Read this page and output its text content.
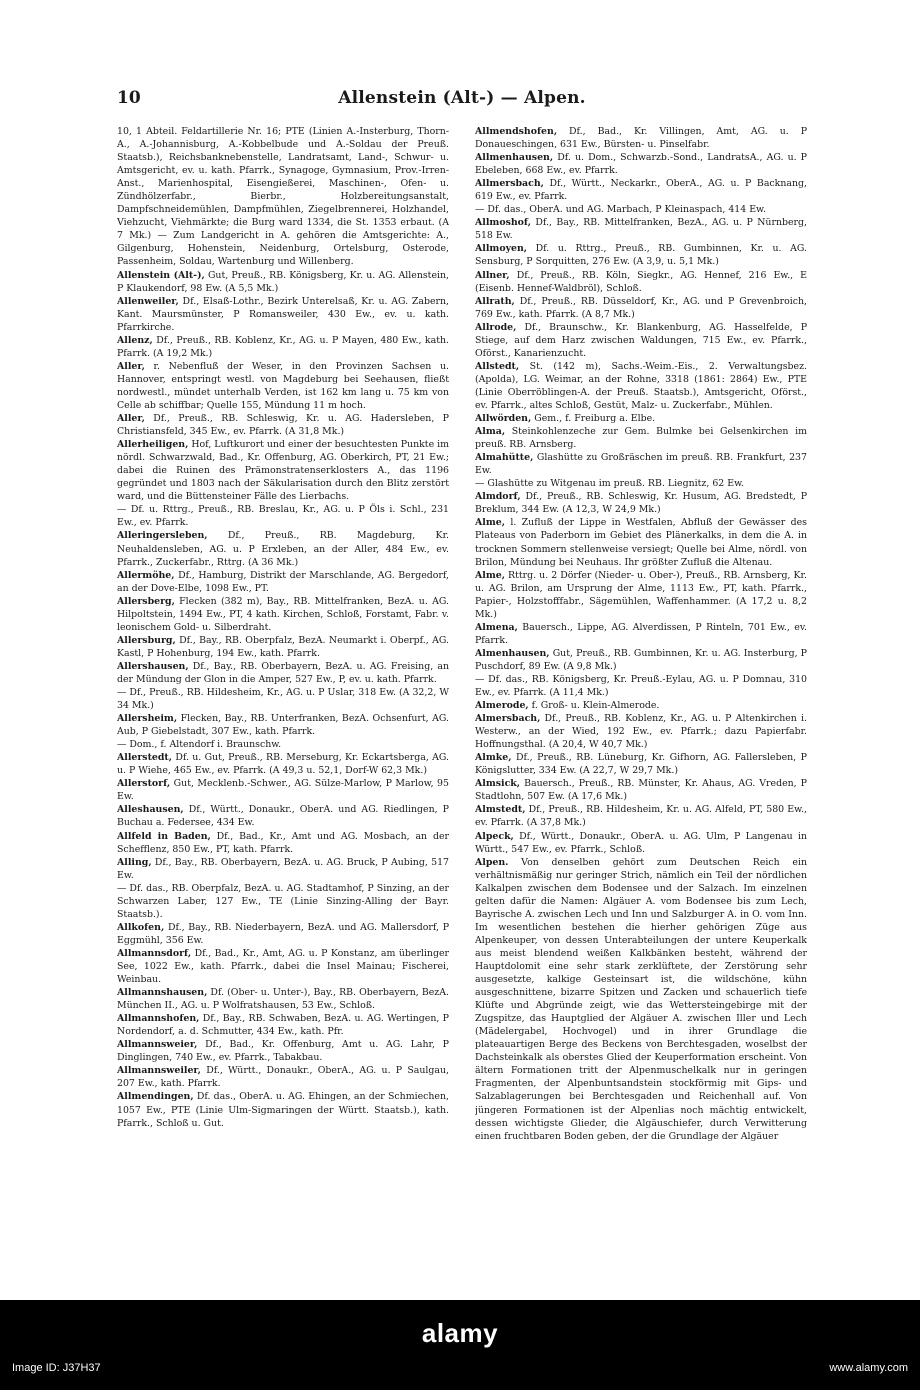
10	Allenstein (Alt-) — Alpen.

10, 1 Abteil. Feldartillerie Nr. 16; PTE (Linien A.-Insterburg, Thorn-A., A.-Johannisburg, A.-Kobbelbude und A.-Soldau der Preuß. Staatsb.), Reichsbanknebenstelle, Landratsamt, Land-, Schwur- u. Amtsgericht, ev. u. kath. Pfarrk., Synagoge, Gymnasium, Prov.-Irren-Anst., Marienhospital, Eisengießerei, Maschinen-, Ofen- u. Zündhölzerfabr., Bierbr., Holzbereitungsanstalt, Dampfschneidemühlen, Dampfmühlen, Ziegelbrennerei, Holzhandel, Viehzucht, Viehmärkte; die Burg ward 1334, die St. 1353 erbaut. (A 7 Mk.) — Zum Landgericht in A. gehören die Amtsgerichte: A., Gilgenburg, Hohenstein, Neidenburg, Ortelsburg, Osterode, Passenheim, Soldau, Wartenburg und Willenberg.

Allenstein (Alt-), Gut, Preuß., RB. Königsberg, Kr. u. AG. Allenstein, P Klaukendorf, 98 Ew. (A 5,5 Mk.)

Allenweiler, Df., Elsaß-Lothr., Bezirk Unterelsaß, Kr. u. AG. Zabern, Kant. Maursmünster, P Romansweiler, 430 Ew., ev. u. kath. Pfarrkirche.

Allenz, Df., Preuß., RB. Koblenz, Kr., AG. u. P Mayen, 480 Ew., kath. Pfarrk. (A 19,2 Mk.)

Aller, r. Nebenfluß der Weser, in den Provinzen Sachsen u. Hannover, entspringt westl. von Magdeburg bei Seehausen, fließt nordwestl., mündet unterhalb Verden, ist 162 km lang u. 75 km von Celle ab schiffbar; Quelle 155, Mündung 11 m hoch.

Aller, Df., Preuß., RB. Schleswig, Kr. u. AG. Hadersleben, P Christiansfeld, 345 Ew., ev. Pfarrk. (A 31,8 Mk.)

Allerheiligen, Hof, Luftkurort und einer der besuchtesten Punkte im nördl. Schwarzwald, Bad., Kr. Offenburg, AG. Oberkirch, PT, 21 Ew.; dabei die Ruinen des Prämonstratenserklosters A., das 1196 gegründet und 1803 nach der Säkularisation durch den Blitz zerstört ward, und die Büttensteiner Fälle des Lierbachs.

— Df. u. Rttrg., Preuß., RB. Breslau, Kr., AG. u. P Öls i. Schl., 231 Ew., ev. Pfarrk.

Alleringersleben, Df., Preuß., RB. Magdeburg, Kr. Neuhaldensleben, AG. u. P Erxleben, an der Aller, 484 Ew., ev. Pfarrk., Zuckerfabr., Rttrg. (A 36 Mk.)

Allermöhe, Df., Hamburg, Distrikt der Marschlande, AG. Bergedorf, an der Dove-Elbe, 1098 Ew., PT.

Allersberg, Flecken (382 m), Bay., RB. Mittelfranken, BezA. u. AG. Hilpoltstein, 1494 Ew., PT, 4 kath. Kirchen, Schloß, Forstamt, Fabr. v. leonischem Gold- u. Silberdraht.

Allersburg, Df., Bay., RB. Oberpfalz, BezA. Neumarkt i. Oberpf., AG. Kastl, P Hohenburg, 194 Ew., kath. Pfarrk.

Allershausen, Df., Bay., RB. Oberbayern, BezA. u. AG. Freising, an der Mündung der Glon in die Amper, 527 Ew., P, ev. u. kath. Pfarrk.

— Df., Preuß., RB. Hildesheim, Kr., AG. u. P Uslar, 318 Ew. (A 32,2, W 34 Mk.)

Allersheim, Flecken, Bay., RB. Unterfranken, BezA. Ochsenfurt, AG. Aub, P Giebelstadt, 307 Ew., kath. Pfarrk.

— Dom., f. Altendorf i. Braunschw.

Allerstedt, Df. u. Gut, Preuß., RB. Merseburg, Kr. Eckartsberga, AG. u. P Wiehe, 465 Ew., ev. Pfarrk. (A 49,3 u. 52,1, Dorf-W 62,3 Mk.)

Allerstorf, Gut, Mecklenb.-Schwer., AG. Sülze-Marlow, P Marlow, 95 Ew.

Alleshausen, Df., Württ., Donaukr., OberA. und AG. Riedlingen, P Buchau a. Federsee, 434 Ew.

Allfeld in Baden, Df., Bad., Kr., Amt und AG. Mosbach, an der Schefflenz, 850 Ew., PT, kath. Pfarrk.

Alling, Df., Bay., RB. Oberbayern, BezA. u. AG. Bruck, P Aubing, 517 Ew.

— Df. das., RB. Oberpfalz, BezA. u. AG. Stadtamhof, P Sinzing, an der Schwarzen Laber, 127 Ew., TE (Linie Sinzing-Alling der Bayr. Staatsb.).

Allkofen, Df., Bay., RB. Niederbayern, BezA. und AG. Mallersdorf, P Eggmühl, 356 Ew.

Allmannsdorf, Df., Bad., Kr., Amt, AG. u. P Konstanz, am überlinger See, 1022 Ew., kath. Pfarrk., dabei die Insel Mainau; Fischerei, Weinbau.

Allmannshausen, Df. (Ober- u. Unter-), Bay., RB. Oberbayern, BezA. München II., AG. u. P Wolfratshausen, 53 Ew., Schloß.

Allmannshofen, Df., Bay., RB. Schwaben, BezA. u. AG. Wertingen, P Nordendorf, a. d. Schmutter, 434 Ew., kath. Pfr.

Allmannsweier, Df., Bad., Kr. Offenburg, Amt u. AG. Lahr, P Dinglingen, 740 Ew., ev. Pfarrk., Tabakbau.

Allmannsweiler, Df., Württ., Donaukr., OberA., AG. u. P Saulgau, 207 Ew., kath. Pfarrk.

Allmendingen, Df. das., OberA. u. AG. Ehingen, an der Schmiechen, 1057 Ew., PTE (Linie Ulm-Sigmaringen der Württ. Staatsb.), kath. Pfarrk., Schloß u. Gut.

Allmendshofen, Df., Bad., Kr. Villingen, Amt, AG. u. P Donaueschingen, 631 Ew., Bürsten- u. Pinselfabr.

Allmenhausen, Df. u. Dom., Schwarzb.-Sond., LandratsA., AG. u. P Ebeleben, 668 Ew., ev. Pfarrk.

Allmersbach, Df., Württ., Neckarkr., OberA., AG. u. P Backnang, 619 Ew., ev. Pfarrk.

— Df. das., OberA. und AG. Marbach, P Kleinaspach, 414 Ew.

Allmoshof, Df., Bay., RB. Mittelfranken, BezA., AG. u. P Nürnberg, 518 Ew.

Allmoyen, Df. u. Rttrg., Preuß., RB. Gumbinnen, Kr. u. AG. Sensburg, P Sorquitten, 276 Ew. (A 3,9, u. 5,1 Mk.)

Allner, Df., Preuß., RB. Köln, Siegkr., AG. Hennef, 216 Ew., E (Eisenb. Hennef-Waldbröl), Schloß.

Allrath, Df., Preuß., RB. Düsseldorf, Kr., AG. und P Grevenbroich, 769 Ew., kath. Pfarrk. (A 8,7 Mk.)

Allrode, Df., Braunschw., Kr. Blankenburg, AG. Hasselfelde, P Stiege, auf dem Harz zwischen Waldungen, 715 Ew., ev. Pfarrk., Oförst., Kanarienzucht.

Allstedt, St. (142 m), Sachs.-Weim.-Eis., 2. Verwaltungsbez. (Apolda), LG. Weimar, an der Rohne, 3318 (1861: 2864) Ew., PTE (Linie Oberröblingen-A. der Preuß. Staatsb.), Amtsgericht, Oförst., ev. Pfarrk., altes Schloß, Gestüt, Malz- u. Zuckerfabr., Mühlen.

Allwörden, Gem., f. Freiburg a. Elbe.

Alma, Steinkohlenzeche zur Gem. Bulmke bei Gelsenkirchen im preuß. RB. Arnsberg.

Almahütte, Glashütte zu Großräschen im preuß. RB. Frankfurt, 237 Ew.

— Glashütte zu Witgenau im preuß. RB. Liegnitz, 62 Ew.

Almdorf, Df., Preuß., RB. Schleswig, Kr. Husum, AG. Bredstedt, P Breklum, 344 Ew. (A 12,3, W 24,9 Mk.)

Alme, l. Zufluß der Lippe in Westfalen, Abfluß der Gewässer des Plateaus von Paderborn im Gebiet des Plänerkalks, in dem die A. in trocknen Sommern stellenweise versiegt; Quelle bei Alme, nördl. von Brilon, Mündung bei Neuhaus. Ihr größter Zufluß die Altenau.

Alme, Rttrg. u. 2 Dörfer (Nieder- u. Ober-), Preuß., RB. Arnsberg, Kr. u. AG. Brilon, am Ursprung der Alme, 1113 Ew., PT, kath. Pfarrk., Papier-, Holzstofffabr., Sägemühlen, Waffenhammer. (A 17,2 u. 8,2 Mk.)

Almena, Bauersch., Lippe, AG. Alverdissen, P Rinteln, 701 Ew., ev. Pfarrk.

Almenhausen, Gut, Preuß., RB. Gumbinnen, Kr. u. AG. Insterburg, P Puschdorf, 89 Ew. (A 9,8 Mk.)

— Df. das., RB. Königsberg, Kr. Preuß.-Eylau, AG. u. P Domnau, 310 Ew., ev. Pfarrk. (A 11,4 Mk.)

Almerode, f. Groß- u. Klein-Almerode.

Almersbach, Df., Preuß., RB. Koblenz, Kr., AG. u. P Altenkirchen i. Westerw., an der Wied, 192 Ew., ev. Pfarrk.; dazu Papierfabr. Hoffnungsthal. (A 20,4, W 40,7 Mk.)

Almke, Df., Preuß., RB. Lüneburg, Kr. Gifhorn, AG. Fallersleben, P Königslutter, 334 Ew. (A 22,7, W 29,7 Mk.)

Almsick, Bauersch., Preuß., RB. Münster, Kr. Ahaus, AG. Vreden, P Stadtlohn, 507 Ew. (A 17,6 Mk.)

Almstedt, Df., Preuß., RB. Hildesheim, Kr. u. AG. Alfeld, PT, 580 Ew., ev. Pfarrk. (A 37,8 Mk.)

Alpeck, Df., Württ., Donaukr., OberA. u. AG. Ulm, P Langenau in Württ., 547 Ew., ev. Pfarrk., Schloß.

Alpen. Von denselben gehört zum Deutschen Reich ein verhältnismäßig nur geringer Strich, nämlich ein Teil der nördlichen Kalkalpen zwischen dem Bodensee und der Salzach. Im einzelnen gelten dafür die Namen: Algäuer A. vom Bodensee bis zum Lech, Bayrische A. zwischen Lech und Inn und Salzburger A. in O. vom Inn. Im wesentlichen bestehen die hierher gehörigen Züge aus Alpenkeuper, von dessen Unterabteilungen der untere Keuperkalk aus meist blendend weißen Kalkbänken besteht, während der Hauptdolomit eine sehr stark zerklüftete, der Zerstörung sehr ausgesetzte, kalkige Gesteinsart ist, die wildschöne, kühn ausgeschnittene, bizarre Spitzen und Zacken und schauerlich tiefe Klüfte und Abgründe zeigt, wie das Wettersteingebirge mit der Zugspitze, das Hauptglied der Algäuer A. zwischen Iller und Lech (Mädelergabel, Hochvogel) und in ihrer Grundlage die plateauartigen Berge des Beckens von Berchtesgaden, woselbst der Dachsteinkalk als oberstes Glied der Keuperformation erscheint. Von ältern Formationen tritt der Alpenmuschelkalk nur in geringen Fragmenten, der Alpenbuntsandstein stockförmig mit Gips- und Salzablagerungen bei Berchtesgaden und Reichenhall auf. Von jüngeren Formationen ist der Alpenlias noch mächtig entwickelt, dessen wichtigste Glieder, die Algäuschiefer, durch Verwitterung einen fruchtbaren Boden geben, der die Grundlage der Algäuer

alamy
Image ID: J37H37	www.alamy.com
